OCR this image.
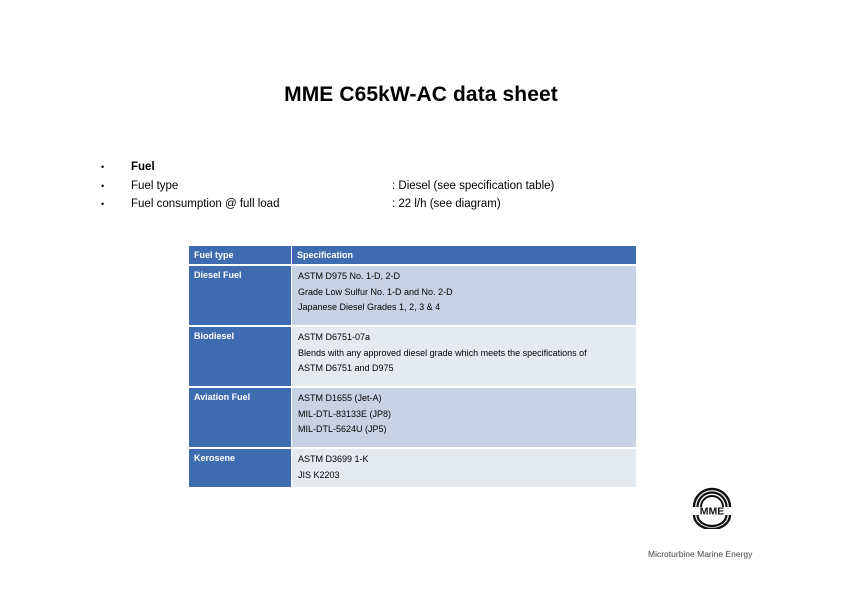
MME C65kW-AC data sheet
• Fuel
• Fuel type	: Diesel (see specification table)
• Fuel consumption @ full load	: 22 l/h (see diagram)
Fuel type	Specification
Diesel Fuel	ASTM D975 No. 1-D, 2-D
Grade Low Sulfur No. 1-D and No. 2-D
Japanese Diesel Grades 1, 2, 3 & 4

Biodiesel	ASTM D6751-07a
Blends with any approved diesel grade which meets the specifications of
ASTM D6751 and D975

Aviation Fuel	ASTM D1655 (Jet-A)
MIL-DTL-83133E (JP8)
MIL-DTL-5624U (JP5)

Kerosene	ASTM D3699 1-K
JIS K2203
MME
Microturbine Marine Energy
